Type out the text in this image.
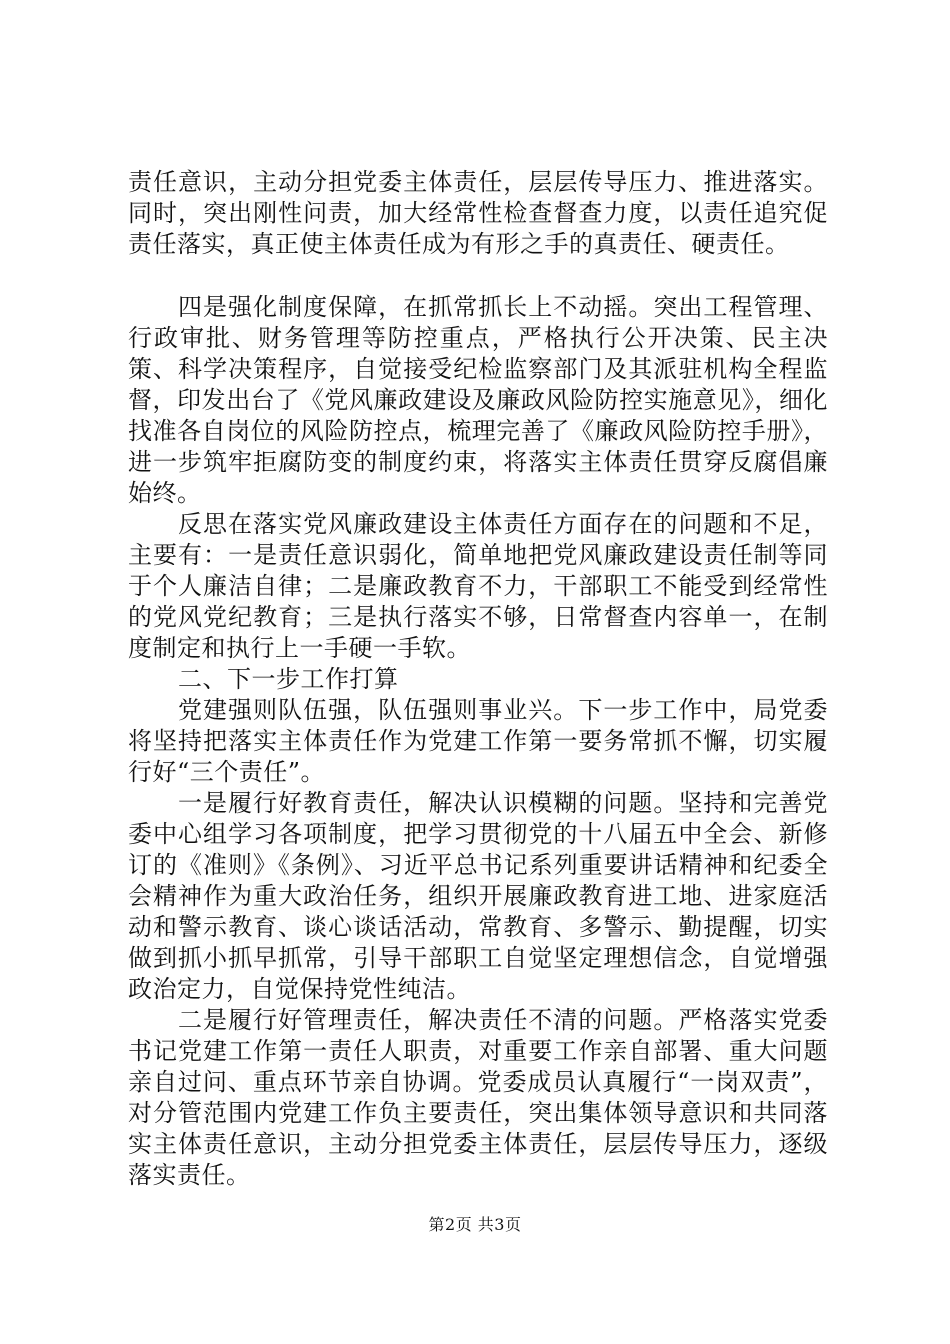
责任意识，主动分担党委主体责任，层层传导压力、推进落实。同时，突出刚性问责，加大经常性检查督查力度，以责任追究促责任落实，真正使主体责任成为有形之手的真责任、硬责任。

四是强化制度保障，在抓常抓长上不动摇。突出工程管理、行政审批、财务管理等防控重点，严格执行公开决策、民主决策、科学决策程序，自觉接受纪检监察部门及其派驻机构全程监督，印发出台了《党风廉政建设及廉政风险防控实施意见》，细化找准各自岗位的风险防控点，梳理完善了《廉政风险防控手册》，进一步筑牢拒腐防变的制度约束，将落实主体责任贯穿反腐倡廉始终。

反思在落实党风廉政建设主体责任方面存在的问题和不足，主要有：一是责任意识弱化，简单地把党风廉政建设责任制等同于个人廉洁自律；二是廉政教育不力，干部职工不能受到经常性的党风党纪教育；三是执行落实不够，日常督查内容单一，在制度制定和执行上一手硬一手软。

二、下一步工作打算

党建强则队伍强，队伍强则事业兴。下一步工作中，局党委将坚持把落实主体责任作为党建工作第一要务常抓不懈，切实履行好“三个责任”。

一是履行好教育责任，解决认识模糊的问题。坚持和完善党委中心组学习各项制度，把学习贯彻党的十八届五中全会、新修订的《准则》《条例》、习近平总书记系列重要讲话精神和纪委全会精神作为重大政治任务，组织开展廉政教育进工地、进家庭活动和警示教育、谈心谈话活动，常教育、多警示、勤提醒，切实做到抓小抓早抓常，引导干部职工自觉坚定理想信念，自觉增强政治定力，自觉保持党性纯洁。

二是履行好管理责任，解决责任不清的问题。严格落实党委书记党建工作第一责任人职责，对重要工作亲自部署、重大问题亲自过问、重点环节亲自协调。党委成员认真履行“一岗双责”，对分管范围内党建工作负主要责任，突出集体领导意识和共同落实主体责任意识，主动分担党委主体责任，层层传导压力，逐级落实责任。

第2页 共3页
